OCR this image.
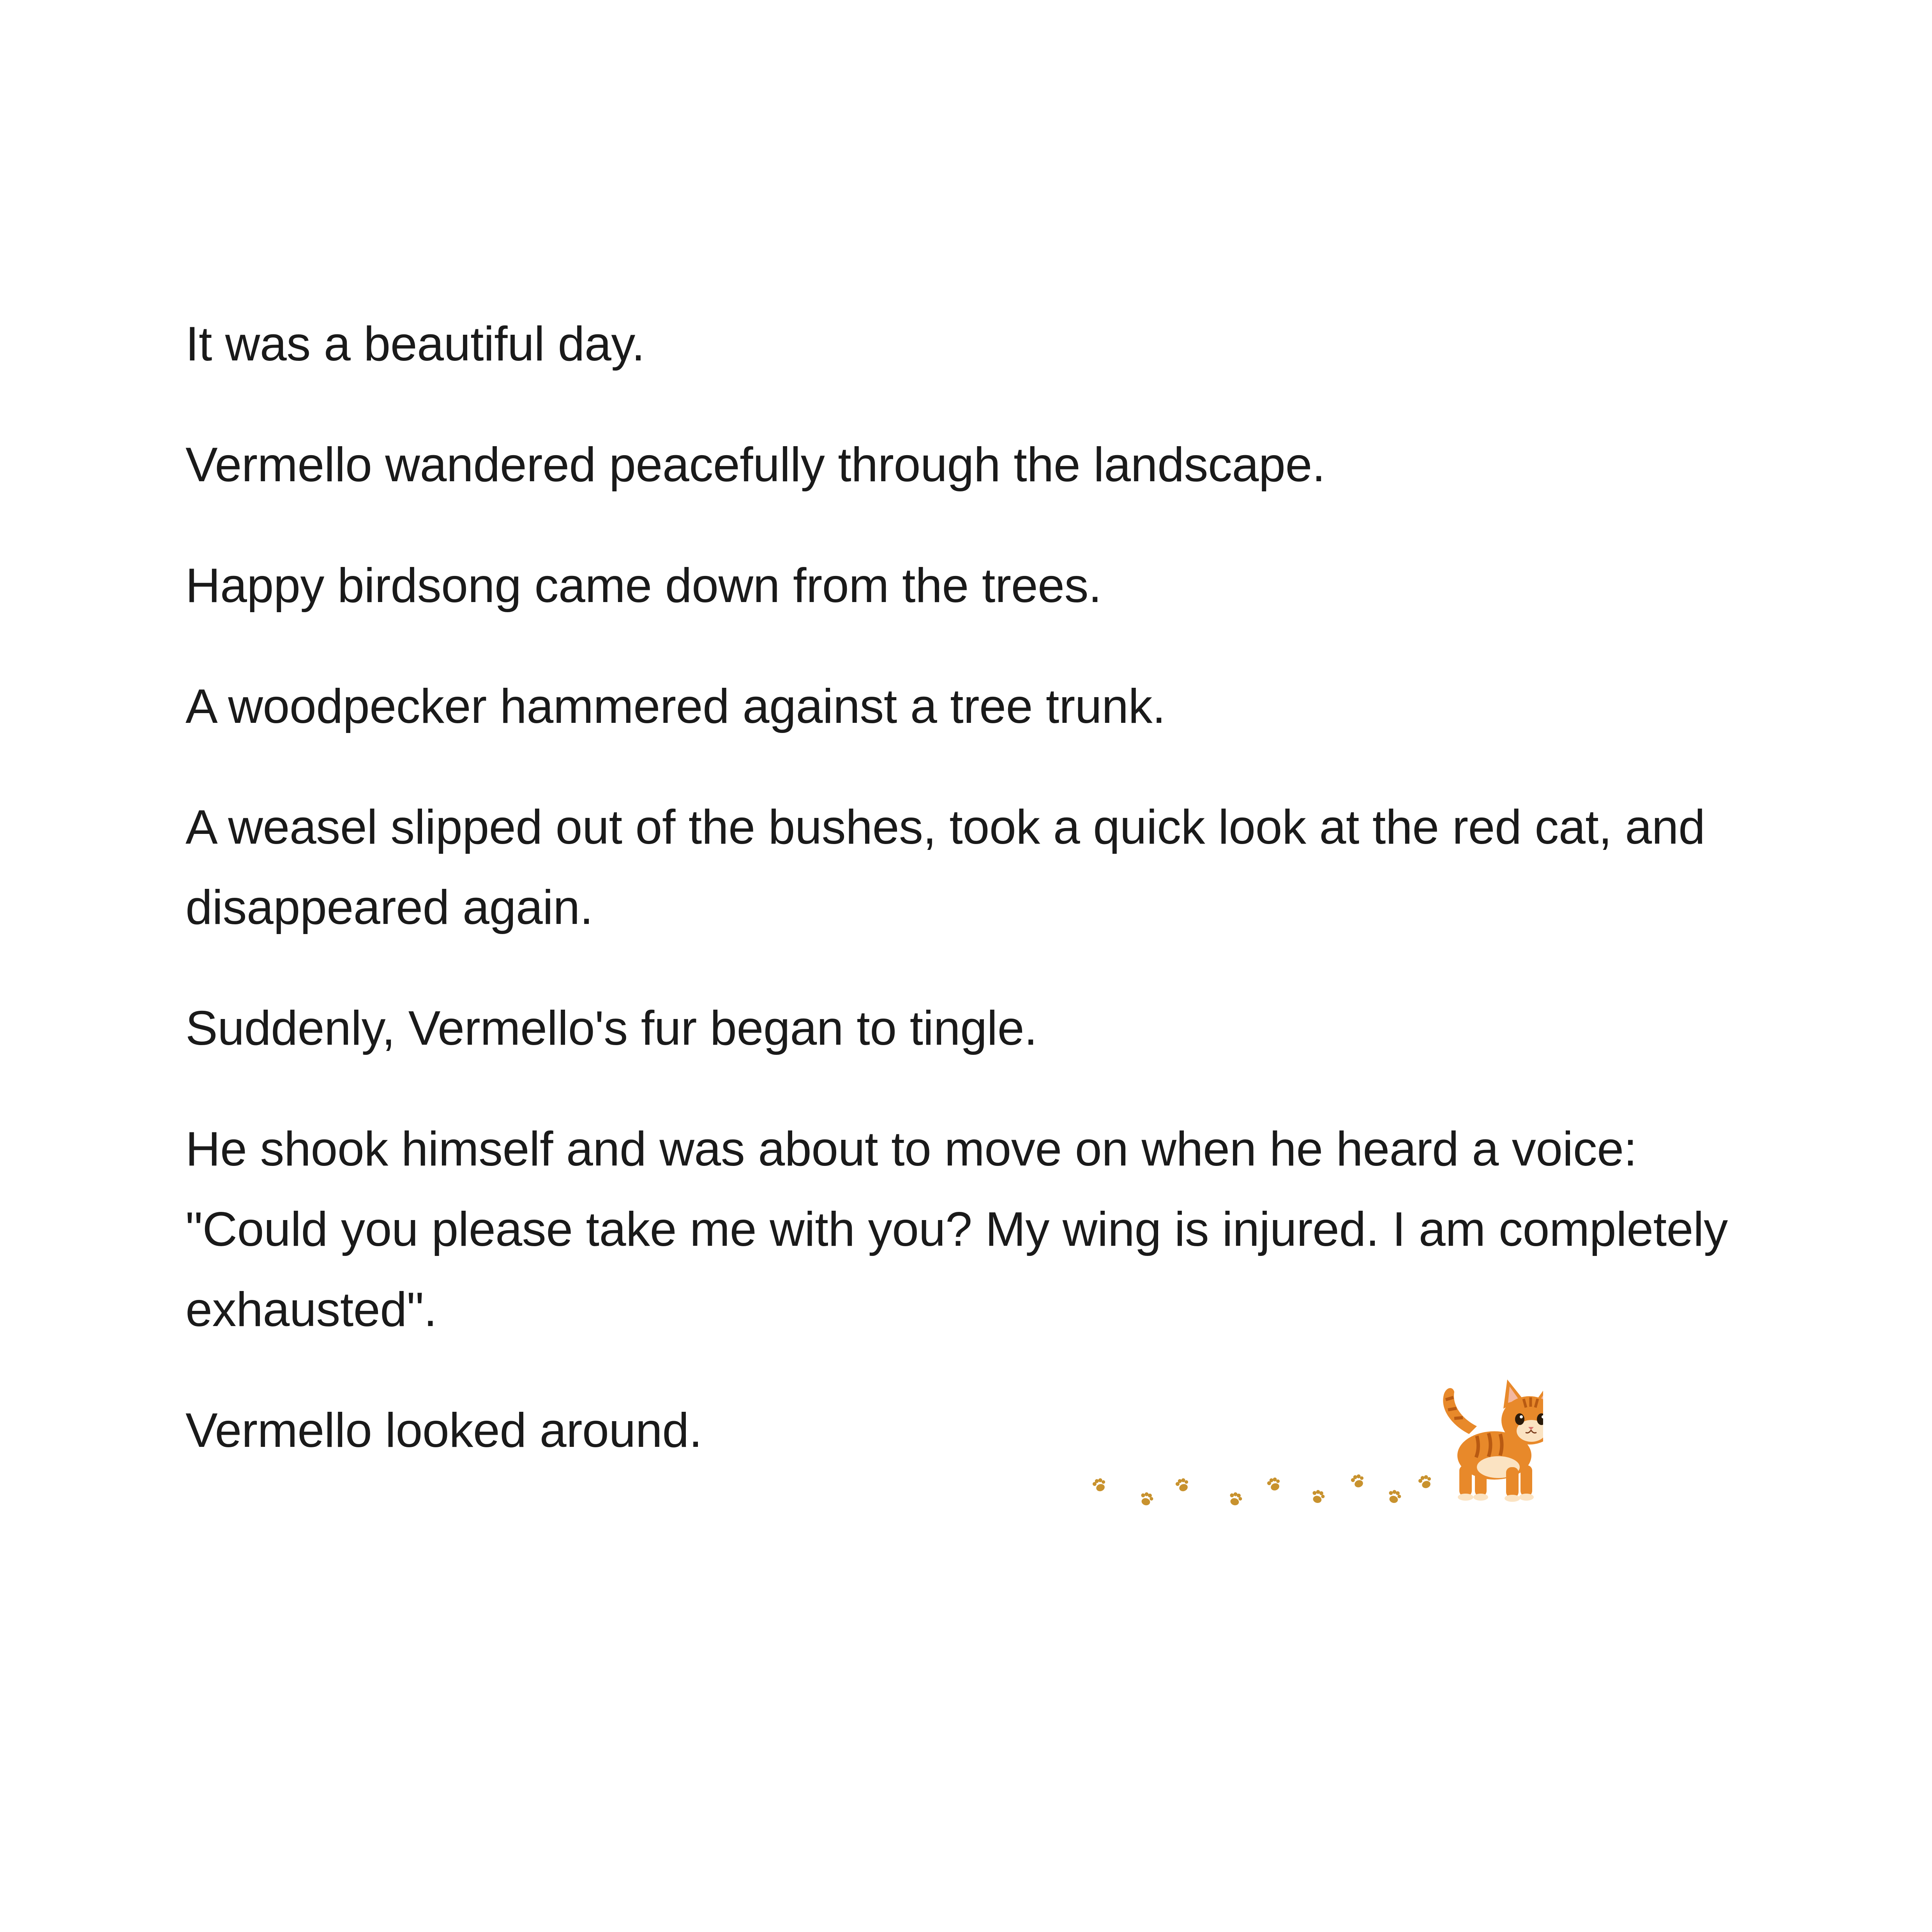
It was a beautiful day.

Vermello wandered peacefully through the landscape.

Happy birdsong came down from the trees.

A woodpecker hammered against a tree trunk.

A weasel slipped out of the bushes, took a quick look at the red cat, and
disappeared again.

Suddenly, Vermello's fur began to tingle.

He shook himself and was about to move on when he heard a voice:
"Could you please take me with you? My wing is injured. I am completely
exhausted".

Vermello looked around.
